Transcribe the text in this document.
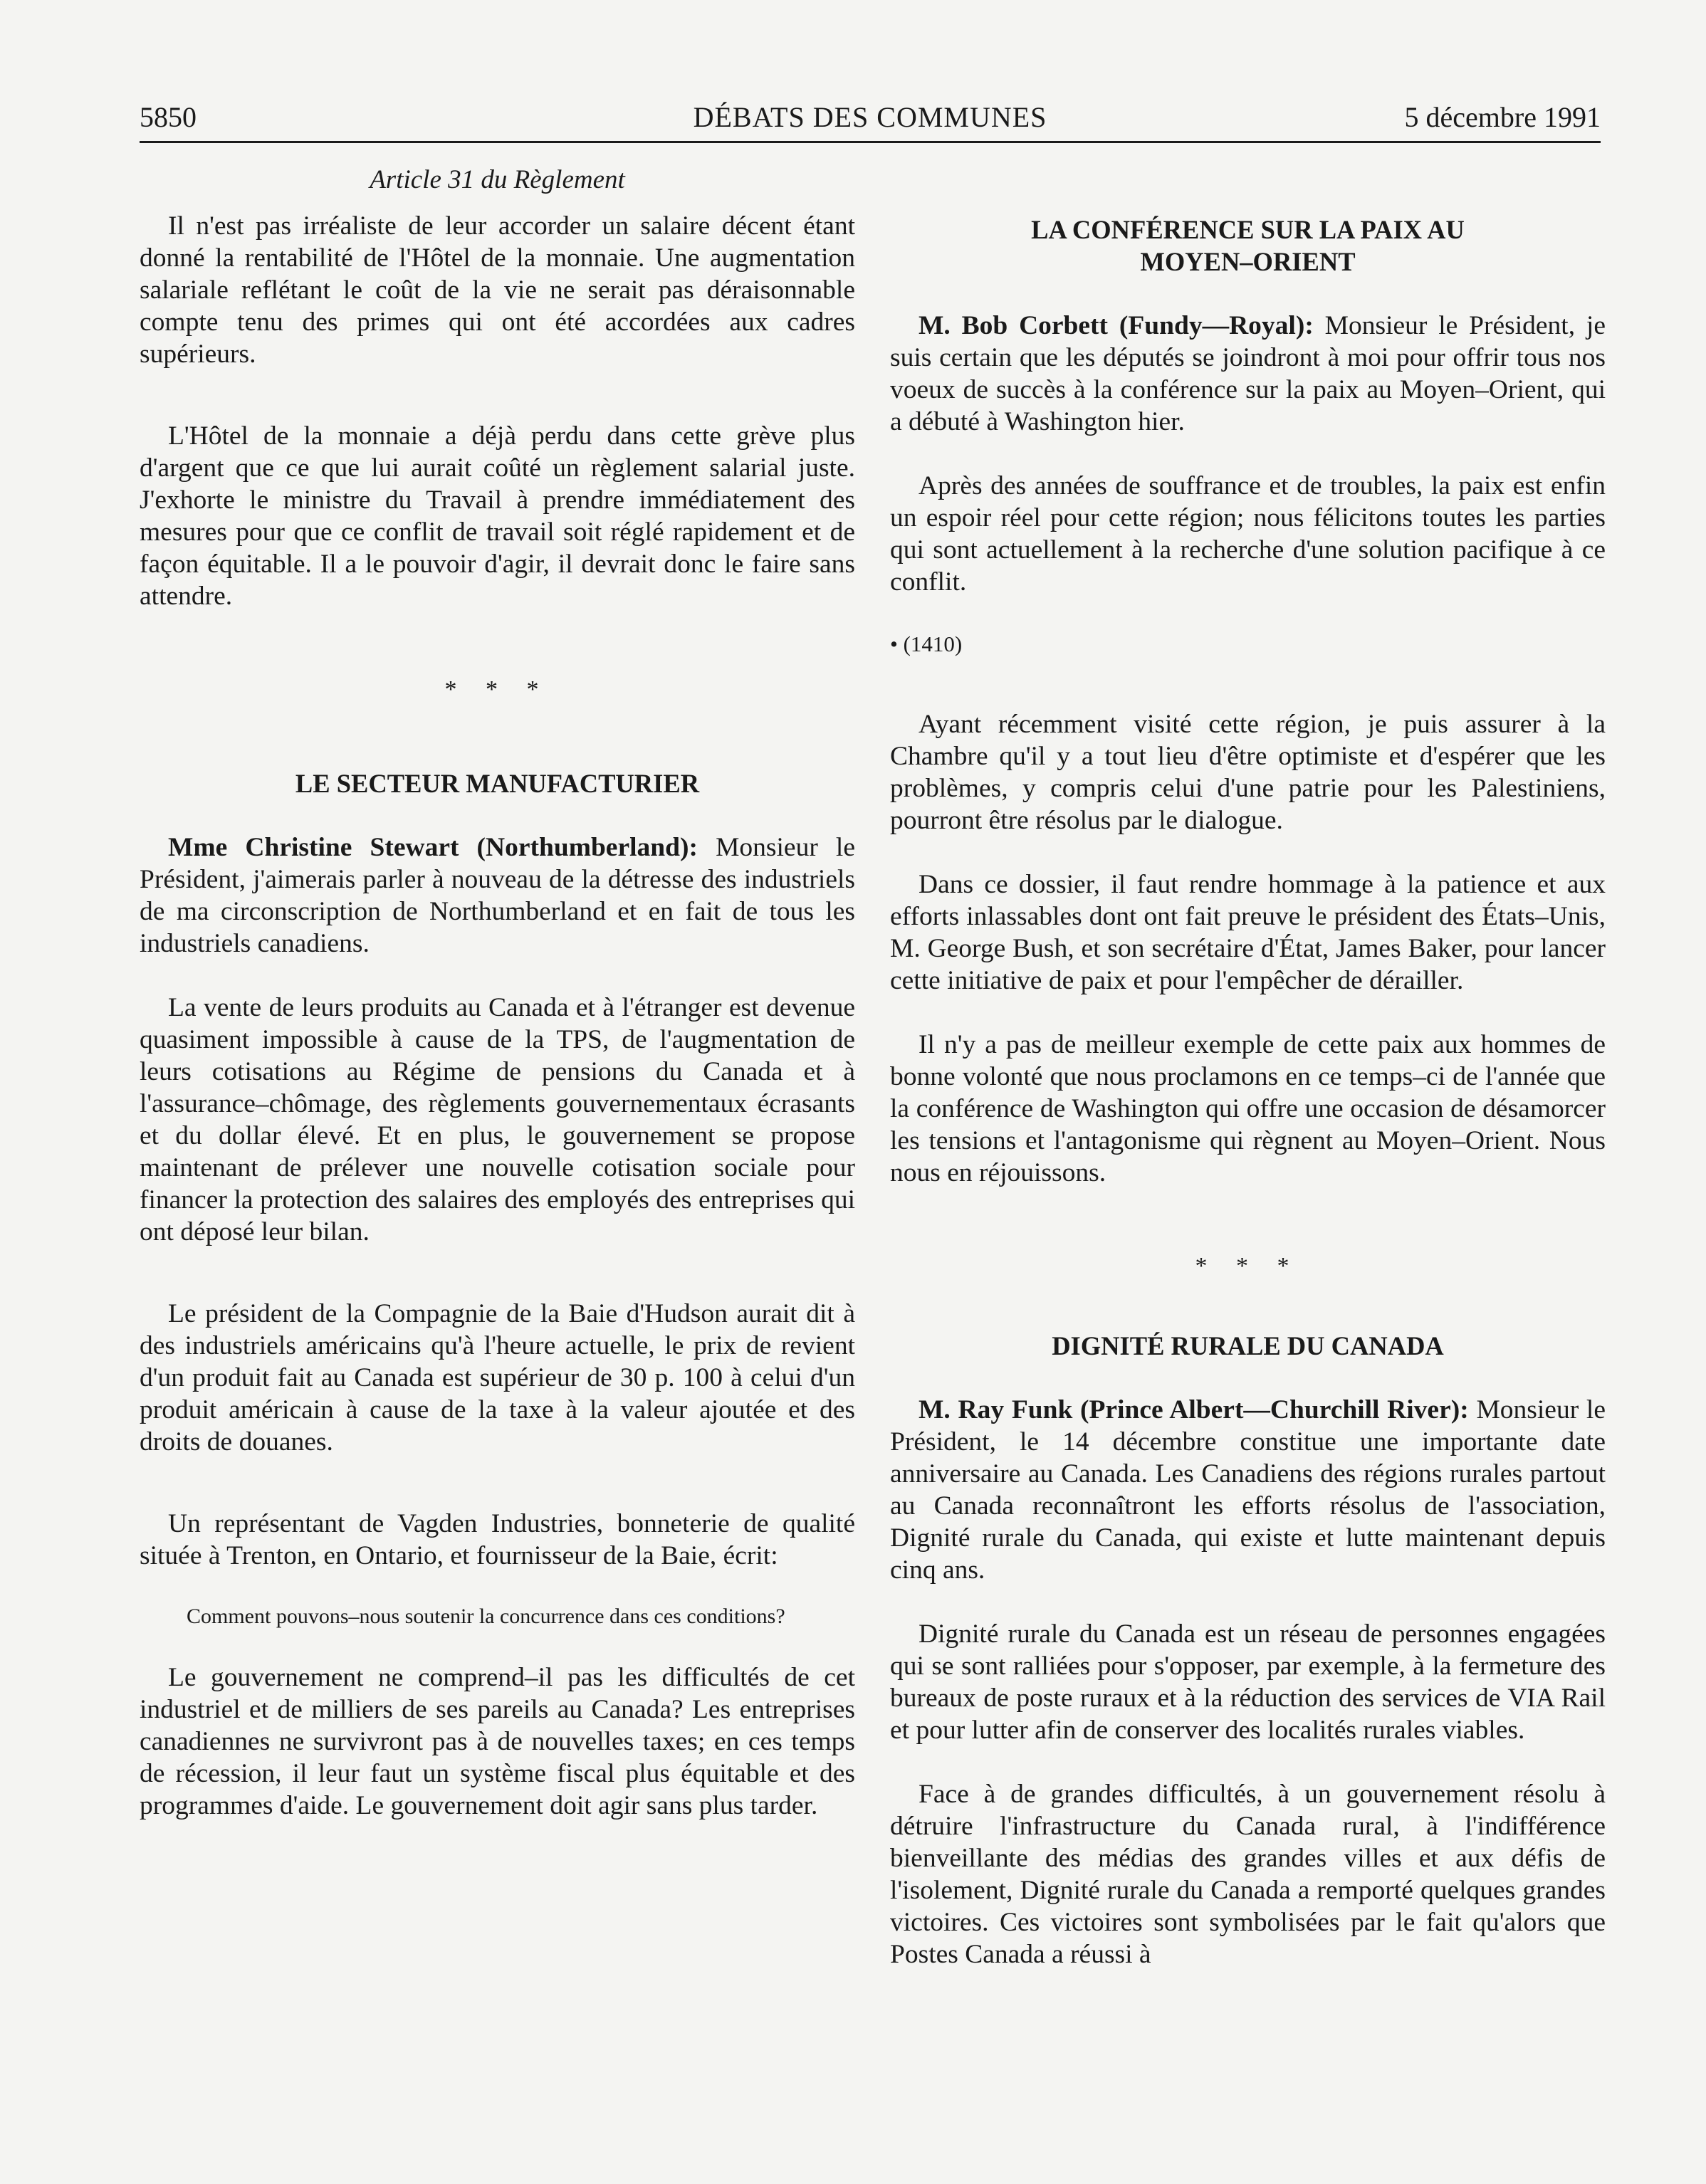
5850	DÉBATS DES COMMUNES	5 décembre 1991
Article 31 du Règlement

Il n'est pas irréaliste de leur accorder un salaire décent étant donné la rentabilité de l'Hôtel de la monnaie. Une augmentation salariale reflétant le coût de la vie ne serait pas déraisonnable compte tenu des primes qui ont été accordées aux cadres supérieurs.

L'Hôtel de la monnaie a déjà perdu dans cette grève plus d'argent que ce que lui aurait coûté un règlement salarial juste. J'exhorte le ministre du Travail à prendre immédiatement des mesures pour que ce conflit de travail soit réglé rapidement et de façon équitable. Il a le pouvoir d'agir, il devrait donc le faire sans attendre.

* * *
LE SECTEUR MANUFACTURIER

Mme Christine Stewart (Northumberland): Monsieur le Président, j'aimerais parler à nouveau de la détresse des industriels de ma circonscription de Northumberland et en fait de tous les industriels canadiens.

La vente de leurs produits au Canada et à l'étranger est devenue quasiment impossible à cause de la TPS, de l'augmentation de leurs cotisations au Régime de pensions du Canada et à l'assurance–chômage, des règlements gouvernementaux écrasants et du dollar élevé. Et en plus, le gouvernement se propose maintenant de prélever une nouvelle cotisation sociale pour financer la protection des salaires des employés des entreprises qui ont déposé leur bilan.

Le président de la Compagnie de la Baie d'Hudson aurait dit à des industriels américains qu'à l'heure actuelle, le prix de revient d'un produit fait au Canada est supérieur de 30 p. 100 à celui d'un produit américain à cause de la taxe à la valeur ajoutée et des droits de douanes.

Un représentant de Vagden Industries, bonneterie de qualité située à Trenton, en Ontario, et fournisseur de la Baie, écrit:

Comment pouvons–nous soutenir la concurrence dans ces conditions?

Le gouvernement ne comprend–il pas les difficultés de cet industriel et de milliers de ses pareils au Canada? Les entreprises canadiennes ne survivront pas à de nouvelles taxes; en ces temps de récession, il leur faut un système fiscal plus équitable et des programmes d'aide. Le gouvernement doit agir sans plus tarder.

LA CONFÉRENCE SUR LA PAIX AU
MOYEN–ORIENT

M. Bob Corbett (Fundy—Royal): Monsieur le Président, je suis certain que les députés se joindront à moi pour offrir tous nos voeux de succès à la conférence sur la paix au Moyen–Orient, qui a débuté à Washington hier.

Après des années de souffrance et de troubles, la paix est enfin un espoir réel pour cette région; nous félicitons toutes les parties qui sont actuellement à la recherche d'une solution pacifique à ce conflit.

• (1410)

Ayant récemment visité cette région, je puis assurer à la Chambre qu'il y a tout lieu d'être optimiste et d'espérer que les problèmes, y compris celui d'une patrie pour les Palestiniens, pourront être résolus par le dialogue.

Dans ce dossier, il faut rendre hommage à la patience et aux efforts inlassables dont ont fait preuve le président des États–Unis, M. George Bush, et son secrétaire d'État, James Baker, pour lancer cette initiative de paix et pour l'empêcher de dérailler.

Il n'y a pas de meilleur exemple de cette paix aux hommes de bonne volonté que nous proclamons en ce temps–ci de l'année que la conférence de Washington qui offre une occasion de désamorcer les tensions et l'antagonisme qui règnent au Moyen–Orient. Nous nous en réjouissons.

* * *
DIGNITÉ RURALE DU CANADA

M. Ray Funk (Prince Albert—Churchill River): Monsieur le Président, le 14 décembre constitue une importante date anniversaire au Canada. Les Canadiens des régions rurales partout au Canada reconnaîtront les efforts résolus de l'association, Dignité rurale du Canada, qui existe et lutte maintenant depuis cinq ans.

Dignité rurale du Canada est un réseau de personnes engagées qui se sont ralliées pour s'opposer, par exemple, à la fermeture des bureaux de poste ruraux et à la réduction des services de VIA Rail et pour lutter afin de conserver des localités rurales viables.

Face à de grandes difficultés, à un gouvernement résolu à détruire l'infrastructure du Canada rural, à l'indifférence bienveillante des médias des grandes villes et aux défis de l'isolement, Dignité rurale du Canada a remporté quelques grandes victoires. Ces victoires sont symbolisées par le fait qu'alors que Postes Canada a réussi à
